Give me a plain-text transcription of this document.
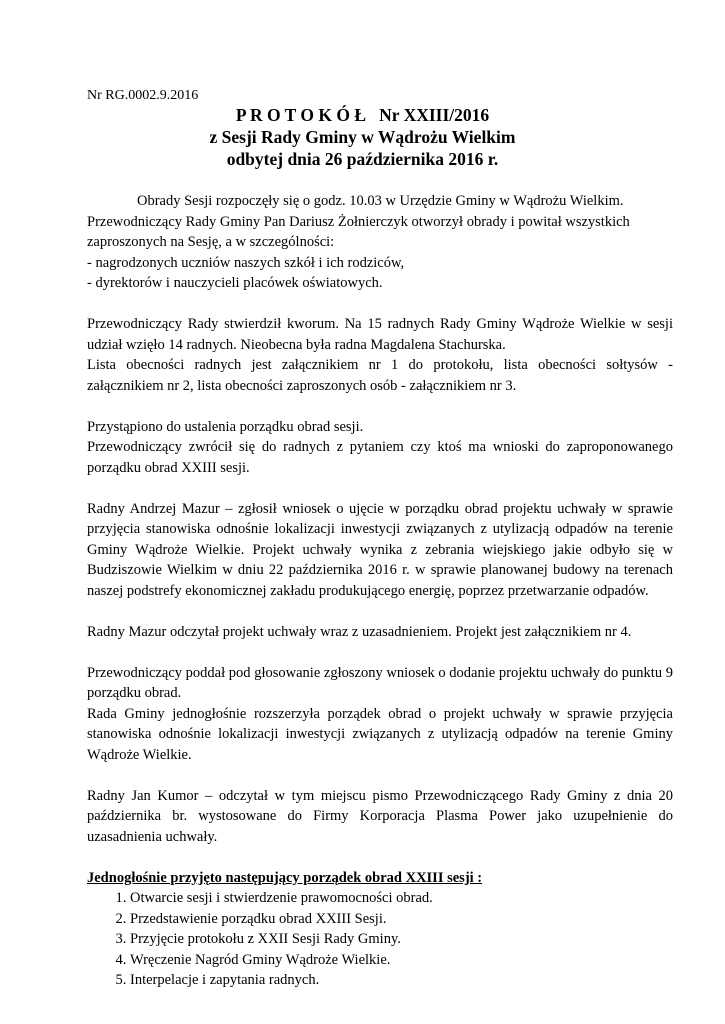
Nr RG.0002.9.2016
P R O T O K Ó Ł   Nr XXIII/2016
z Sesji Rady Gminy w Wądrożu Wielkim
odbytej dnia 26 października 2016 r.

Obrady Sesji rozpoczęły się o godz. 10.03 w Urzędzie Gminy w Wądrożu Wielkim.

Przewodniczący Rady Gminy Pan Dariusz Żołnierczyk otworzył obrady i powitał wszystkich

zaproszonych na Sesję, a w szczególności:

- nagrodzonych uczniów naszych szkół i ich rodziców,

- dyrektorów i nauczycieli placówek oświatowych.

Przewodniczący Rady stwierdził kworum. Na 15 radnych Rady Gminy Wądroże Wielkie w sesji udział wzięło 14 radnych. Nieobecna była radna Magdalena Stachurska.

Lista obecności radnych jest załącznikiem nr 1 do protokołu, lista obecności sołtysów - załącznikiem nr 2, lista obecności zaproszonych osób - załącznikiem nr 3.

Przystąpiono do ustalenia porządku obrad sesji.

Przewodniczący zwrócił się do radnych z pytaniem czy ktoś ma wnioski do zaproponowanego porządku obrad XXIII sesji.

Radny Andrzej Mazur – zgłosił wniosek o ujęcie w porządku obrad projektu uchwały w sprawie przyjęcia stanowiska odnośnie lokalizacji inwestycji związanych z utylizacją odpadów na terenie Gminy Wądroże Wielkie. Projekt uchwały wynika z zebrania wiejskiego jakie odbyło się w Budziszowie Wielkim w dniu 22 października 2016 r. w sprawie planowanej budowy na terenach naszej podstrefy ekonomicznej zakładu produkującego energię, poprzez przetwarzanie odpadów.

Radny Mazur odczytał projekt uchwały wraz z uzasadnieniem. Projekt jest załącznikiem nr 4.

Przewodniczący poddał pod głosowanie zgłoszony wniosek o dodanie projektu uchwały do punktu 9 porządku obrad.

Rada Gminy jednogłośnie rozszerzyła porządek obrad o projekt uchwały w sprawie przyjęcia stanowiska odnośnie lokalizacji inwestycji związanych z utylizacją odpadów na terenie Gminy Wądroże Wielkie.

Radny Jan Kumor – odczytał w tym miejscu pismo Przewodniczącego Rady Gminy z dnia 20 października br. wystosowane do Firmy Korporacja Plasma Power jako uzupełnienie do uzasadnienia uchwały.

Jednogłośnie przyjęto następujący porządek obrad XXIII sesji :

1. Otwarcie sesji i stwierdzenie prawomocności obrad.
2. Przedstawienie porządku obrad XXIII Sesji.
3. Przyjęcie protokołu z XXII Sesji Rady Gminy.
4. Wręczenie Nagród Gminy Wądroże Wielkie.
5. Interpelacje i zapytania radnych.
